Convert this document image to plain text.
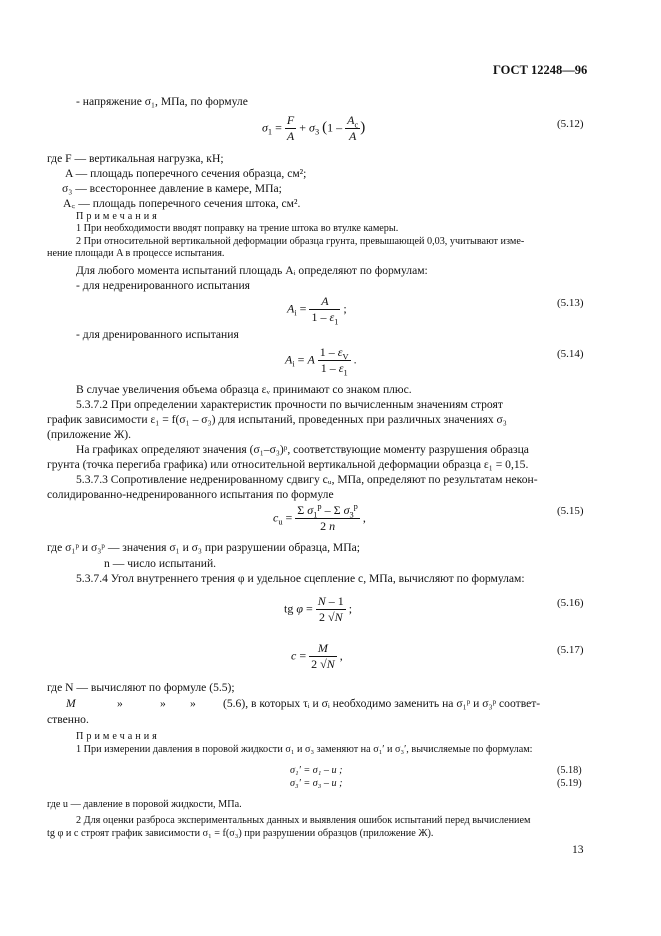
ГОСТ 12248—96
- напряжение σ₁, МПа, по формуле
$\sigma_1 = \frac{F}{A} + \sigma_3$ ($1 - \frac{A_c}{A}$ )	(5.12)
где F — вертикальная нагрузка, кН;
A — площадь поперечного сечения образца, см²;
σ₃ — всестороннее давление в камере, МПа;
A꜀ — площадь поперечного сечения штока, см².
Примечания
1 При необходимости вводят поправку на трение штока во втулке камеры.
2 При относительной вертикальной деформации образца грунта, превышающей 0,03, учитывают изме-
нение площади A в процессе испытания.
Для любого момента испытаний площадь Aᵢ определяют по формулам:
- для недренированного испытания
$A_i = \frac{A}{1 - \varepsilon_1}$ ;	(5.13)
- для дренированного испытания
$A_i = A \frac{1 - \varepsilon_V}{1 - \varepsilon_1}$ .	(5.14)
В случае увеличения объема образца εᵥ принимают со знаком плюс.
5.3.7.2 При определении характеристик прочности по вычисленным значениям строят
график зависимости ε₁ = f(σ₁ – σ₃) для испытаний, проведенных при различных значениях σ₃
(приложение Ж).
На графиках определяют значения (σ₁–σ₃)ᵖ, соответствующие моменту разрушения образца
грунта (точка перегиба графика) или относительной вертикальной деформации образца ε₁ = 0,15.
5.3.7.3 Сопротивление недренированному сдвигу cᵤ, МПа, определяют по результатам некон-
солидированно-недренированного испытания по формуле
$c_u = \frac{\Sigma \sigma_1^p - \Sigma \sigma_3^p}{2 n}$ ,	(5.15)
где σ₁ᵖ и σ₃ᵖ — значения σ₁ и σ₃ при разрушении образца, МПа;
n — число испытаний.
5.3.7.4 Угол внутреннего трения φ и удельное сцепление c, МПа, вычисляют по формулам:
tg $\varphi = \frac{N - 1}{2 √N}$ ;	(5.16)
$c = \frac{M}{2 √N}$ ,	(5.17)
где N — вычисляют по формуле (5.5);
M	»	» » (5.6), в которых τᵢ и σᵢ необходимо заменить на σ₁ᵖ и σ₃ᵖ соответ-
ственно.
Примечания
1 При измерении давления в поровой жидкости σ₁ и σ₃ заменяют на σ₁′ и σ₃′, вычисляемые по формулам:
σ₁′ = σ₁ – u ;	(5.18)
σ₃′ = σ₃ – u ;	(5.19)
где u — давление в поровой жидкости, МПа.
2 Для оценки разброса экспериментальных данных и выявления ошибок испытаний перед вычислением
tg φ и c строят график зависимости σ₁ = f(σ₃) при разрушении образцов (приложение Ж).
13
